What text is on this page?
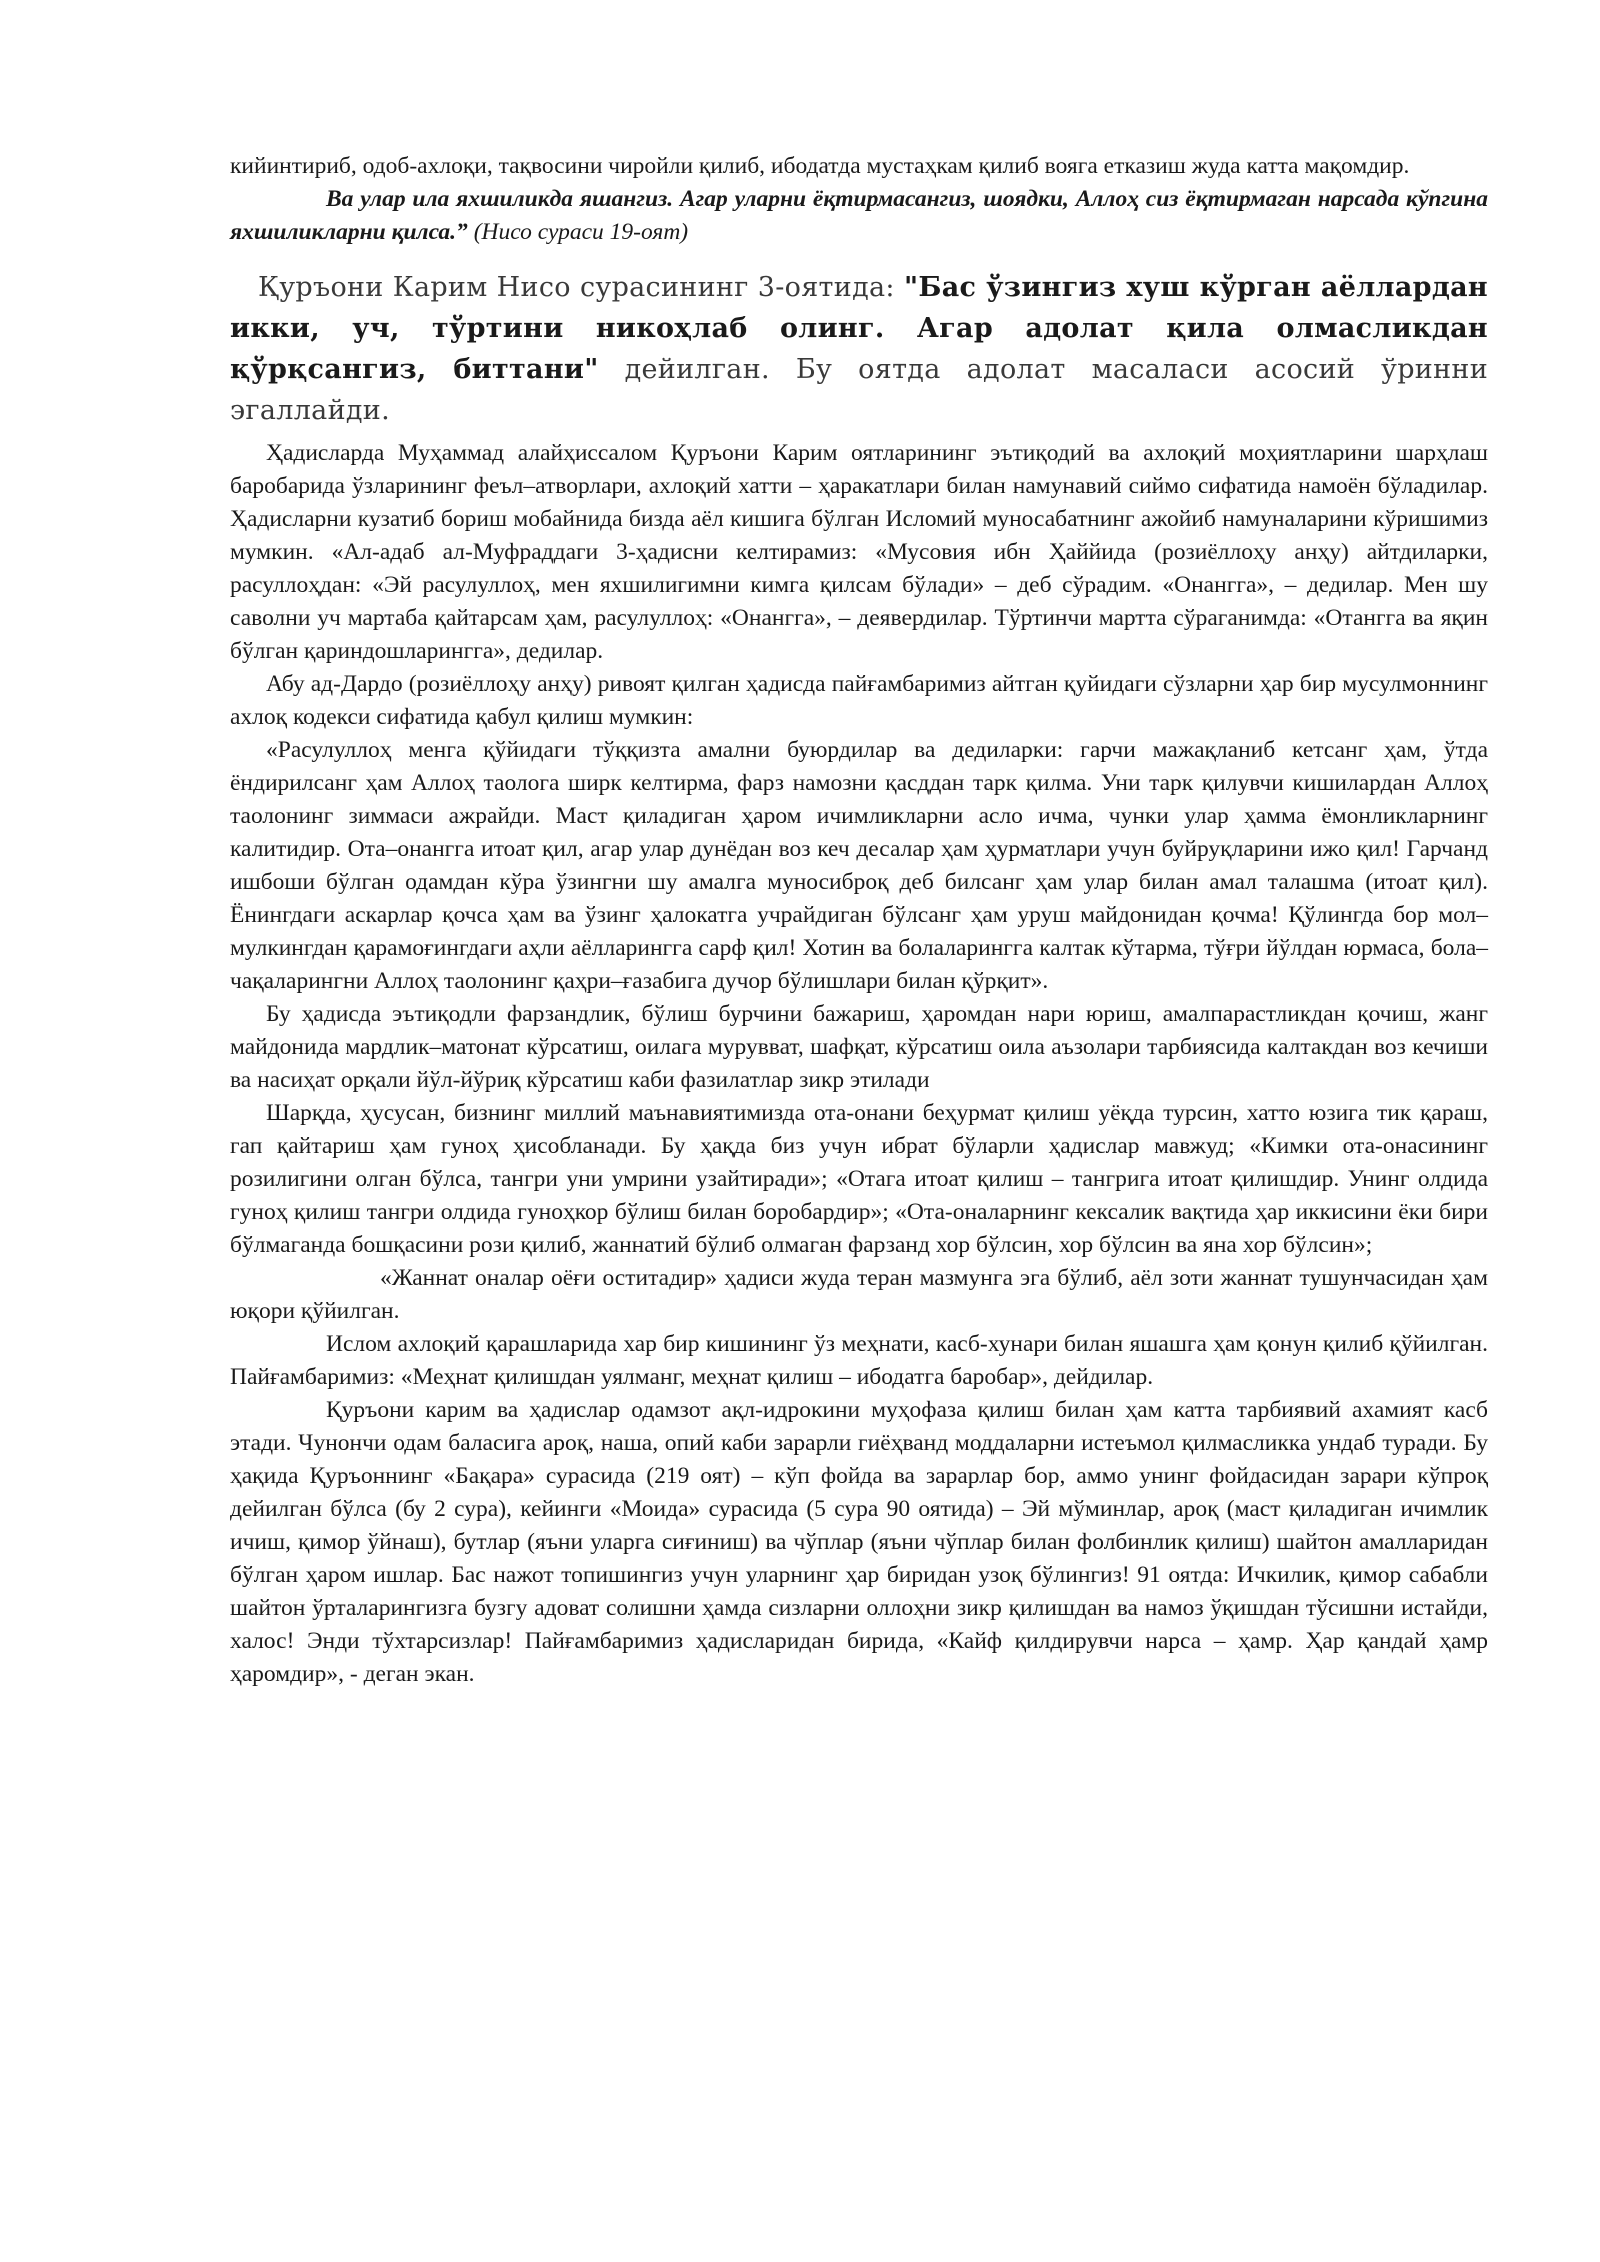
кийинтириб, одоб-ахлоқи, тақвосини чиройли қилиб, ибодатда мустаҳкам қилиб вояга етказиш жуда катта мақомдир.

Ва улар ила яхшиликда яшангиз. Агар уларни ёқтирмасангиз, шоядки, Аллоҳ сиз ёқтирмаган нарсада кўпгина яхшиликларни қилса.” (Нисо сураси 19-оят)

Қуръони Карим Нисо сурасининг 3-оятида: "Бас ўзингиз хуш кўрган аёллардан икки, уч, тўртини никоҳлаб олинг. Агар адолат қила олмасликдан қўрқсангиз, биттани" дейилган. Бу оятда адолат масаласи асосий ўринни эгаллайди.

Ҳадисларда Муҳаммад алайҳиссалом Қуръони Карим оятларининг эътиқодий ва ахлоқий моҳиятларини шарҳлаш баробарида ўзларининг феъл–атворлари, ахлоқий хатти – ҳаракатлари билан намунавий сиймо сифатида намоён бўладилар. Ҳадисларни кузатиб бориш мобайнида бизда аёл кишига бўлган Исломий муносабатнинг ажойиб намуналарини кўришимиз мумкин. «Ал-адаб ал-Муфраддаги 3-ҳадисни келтирамиз: «Мусовия ибн Ҳаййида (розиёллоҳу анҳу) айтдиларки, расуллоҳдан: «Эй расулуллоҳ, мен яхшилигимни кимга қилсам бўлади» – деб сўрадим. «Онангга», – дедилар. Мен шу саволни уч мартаба қайтарсам ҳам, расулуллоҳ: «Онангга», – деявердилар. Тўртинчи мартта сўраганимда: «Отангга ва яқин бўлган қариндошларингга», дедилар.

Абу ад-Дардо (розиёллоҳу анҳу) ривоят қилган ҳадисда пайғамбаримиз айтган қуйидаги сўзларни ҳар бир мусулмоннинг ахлоқ кодекси сифатида қабул қилиш мумкин:

«Расулуллоҳ менга қўйидаги тўққизта амални буюрдилар ва дедиларки: гарчи мажақланиб кетсанг ҳам, ўтда ёндирилсанг ҳам Аллоҳ таологa ширк келтирма, фарз намозни қасддан тарк қилма. Уни тарк қилувчи кишилардан Аллоҳ таолонинг зиммаси ажрайди. Маст қиладиган ҳаром ичимликларни асло ичма, чунки улар ҳамма ёмонликларнинг калитидир. Ота–онангга итоат қил, агар улар дунёдан воз кеч десалар ҳам ҳурматлари учун буйруқларини ижо қил! Гарчанд ишбоши бўлган одамдан кўра ўзингни шу амалга муносиброқ деб билсанг ҳам улар билан амал талашма (итоат қил). Ёнингдаги аскарлар қочса ҳам ва ўзинг ҳалокатга учрайдиган бўлсанг ҳам уруш майдонидан қочма! Қўлингда бор мол–мулкингдан қарамоғингдаги аҳли аёлларингга сарф қил! Хотин ва болаларингга калтак кўтарма, тўғри йўлдан юрмаса, бола–чақаларингни Аллоҳ таолонинг қаҳри–ғазабига дучор бўлишлари билан қўрқит».

Бу ҳадисда эътиқодли фарзандлик, бўлиш бурчини бажариш, ҳаромдан нари юриш, амалпарастликдан қочиш, жанг майдонида мардлик–матонат кўрсатиш, оилага мурувват, шафқат, кўрсатиш оила аъзолари тарбиясида калтакдан воз кечиши ва насиҳат орқали йўл-йўриқ кўрсатиш каби фазилатлар зикр этилади

Шарқда, ҳусусан, бизнинг миллий маънавиятимизда ота-онани беҳурмат қилиш уёқда турсин, хатто юзига тик қараш, гап қайтариш ҳам гуноҳ ҳисобланади. Бу ҳақда биз учун ибрат бўларли ҳадислар мавжуд; «Кимки ота-онасининг розилигини олган бўлса, тангри уни умрини узайтиради»; «Отага итоат қилиш – тангрига итоат қилишдир. Унинг олдида гуноҳ қилиш тангри олдида гуноҳкор бўлиш билан боробардир»; «Ота-оналарнинг кексалик вақтида ҳар иккисини ёки бири бўлмаганда бошқасини рози қилиб, жаннатий бўлиб олмаган фарзанд хор бўлсин, хор бўлсин ва яна хор бўлсин»;

«Жаннат оналар оёғи оститадир» ҳадиси жуда теран мазмунга эга бўлиб, аёл зоти жаннат тушунчасидан ҳам юқори қўйилган.

Ислом ахлоқий қарашларида хар бир кишининг ўз меҳнати, касб-хунари билан яшашга ҳам қонун қилиб қўйилган. Пайғамбаримиз: «Меҳнат қилишдан уялманг, меҳнат қилиш – ибодатга баробар», дейдилар.

Қуръони карим ва ҳадислар одамзот ақл-идрокини муҳофаза қилиш билан ҳам катта тарбиявий ахамият касб этади. Чунончи одам баласига ароқ, наша, опий каби зарарли гиёҳванд моддаларни истеъмол қилмасликка ундаб туради. Бу ҳақида Қуръоннинг «Бақара» сурасида (219 оят) – кўп фойда ва зарарлар бор, аммо унинг фойдасидан зарари кўпроқ дейилган бўлса (бу 2 сура), кейинги «Моида» сурасида (5 сура 90 оятида) – Эй мўминлар, ароқ (маст қиладиган ичимлик ичиш, қимор ўйнаш), бутлар (яъни уларга сиғиниш) ва чўплар (яъни чўплар билан фолбинлик қилиш) шайтон амалларидан бўлган ҳаром ишлар. Бас нажот топишингиз учун уларнинг ҳар биридан узоқ бўлингиз! 91 оятда: Ичкилик, қимор сабабли шайтон ўрталарингизга бузгу адоват солишни ҳамда сизларни оллоҳни зикр қилишдан ва намоз ўқишдан тўсишни истайди, халос! Энди тўхтарсизлар! Пайғамбаримиз ҳадисларидан бирида, «Кайф қилдирувчи нарса – ҳамр. Ҳар қандай ҳамр ҳаромдир», - деган экан.
